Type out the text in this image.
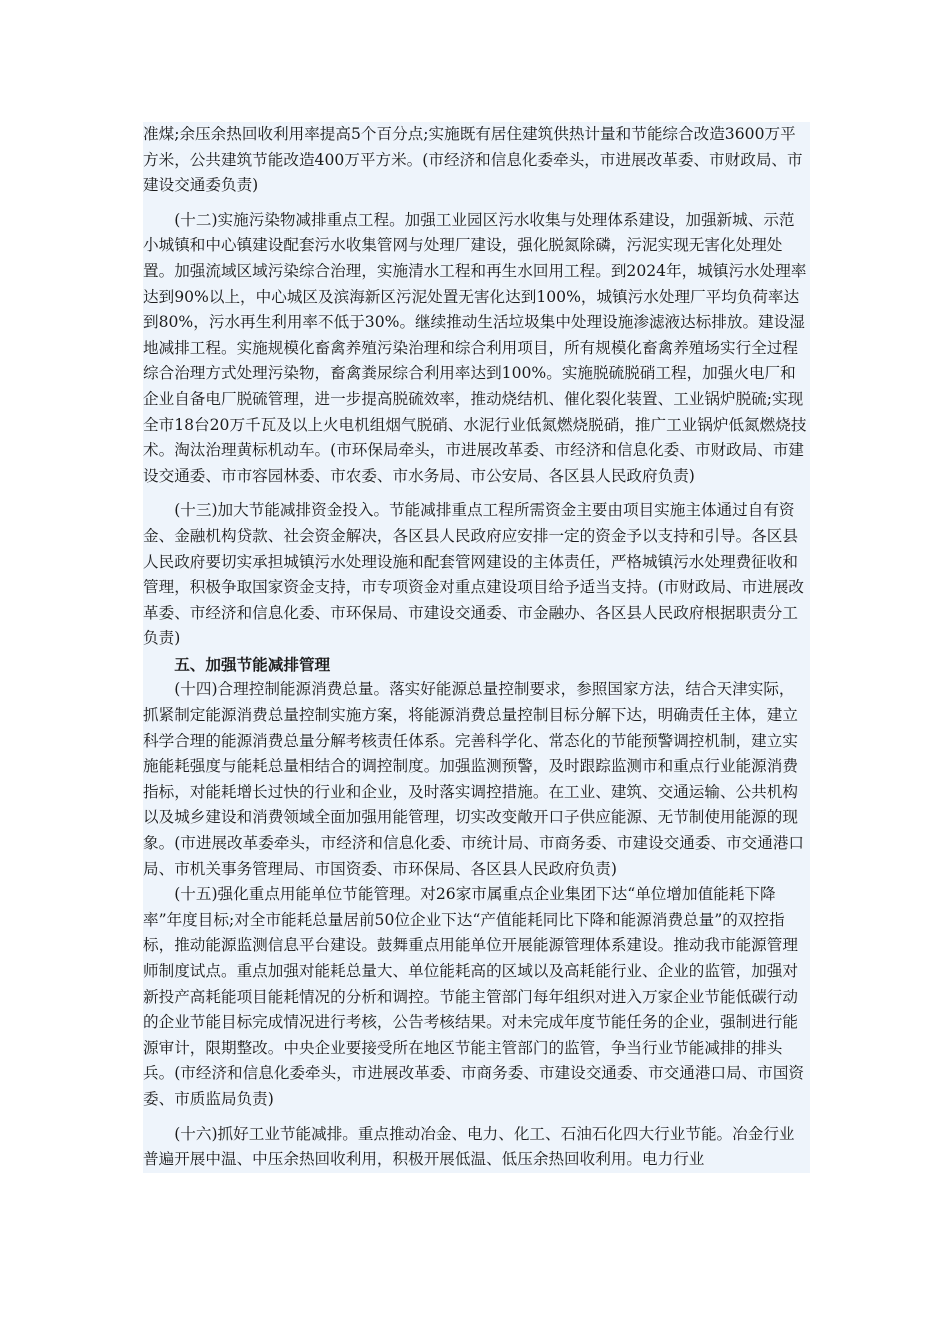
准煤;余压余热回收利用率提高5个百分点;实施既有居住建筑供热计量和节能综合改造3600万平方米，公共建筑节能改造400万平方米。(市经济和信息化委牵头，市进展改革委、市财政局、市建设交通委负责)

(十二)实施污染物减排重点工程。加强工业园区污水收集与处理体系建设，加强新城、示范小城镇和中心镇建设配套污水收集管网与处理厂建设，强化脱氮除磷，污泥实现无害化处理处置。加强流域区域污染综合治理，实施清水工程和再生水回用工程。到2024年，城镇污水处理率达到90%以上，中心城区及滨海新区污泥处置无害化达到100%，城镇污水处理厂平均负荷率达到80%，污水再生利用率不低于30%。继续推动生活垃圾集中处理设施渗滤液达标排放。建设湿地减排工程。实施规模化畜禽养殖污染治理和综合利用项目，所有规模化畜禽养殖场实行全过程综合治理方式处理污染物，畜禽粪尿综合利用率达到100%。实施脱硫脱硝工程，加强火电厂和企业自备电厂脱硫管理，进一步提高脱硫效率，推动烧结机、催化裂化装置、工业锅炉脱硫;实现全市18台20万千瓦及以上火电机组烟气脱硝、水泥行业低氮燃烧脱硝，推广工业锅炉低氮燃烧技术。淘汰治理黄标机动车。(市环保局牵头，市进展改革委、市经济和信息化委、市财政局、市建设交通委、市市容园林委、市农委、市水务局、市公安局、各区县人民政府负责)

(十三)加大节能减排资金投入。节能减排重点工程所需资金主要由项目实施主体通过自有资金、金融机构贷款、社会资金解决，各区县人民政府应安排一定的资金予以支持和引导。各区县人民政府要切实承担城镇污水处理设施和配套管网建设的主体责任，严格城镇污水处理费征收和管理，积极争取国家资金支持，市专项资金对重点建设项目给予适当支持。(市财政局、市进展改革委、市经济和信息化委、市环保局、市建设交通委、市金融办、各区县人民政府根据职责分工负责)

五、加强节能减排管理

(十四)合理控制能源消费总量。落实好能源总量控制要求，参照国家方法，结合天津实际，抓紧制定能源消费总量控制实施方案，将能源消费总量控制目标分解下达，明确责任主体，建立科学合理的能源消费总量分解考核责任体系。完善科学化、常态化的节能预警调控机制，建立实施能耗强度与能耗总量相结合的调控制度。加强监测预警，及时跟踪监测市和重点行业能源消费指标，对能耗增长过快的行业和企业，及时落实调控措施。在工业、建筑、交通运输、公共机构以及城乡建设和消费领域全面加强用能管理，切实改变敞开口子供应能源、无节制使用能源的现象。(市进展改革委牵头，市经济和信息化委、市统计局、市商务委、市建设交通委、市交通港口局、市机关事务管理局、市国资委、市环保局、各区县人民政府负责)

(十五)强化重点用能单位节能管理。对26家市属重点企业集团下达“单位增加值能耗下降率”年度目标;对全市能耗总量居前50位企业下达“产值能耗同比下降和能源消费总量”的双控指标，推动能源监测信息平台建设。鼓舞重点用能单位开展能源管理体系建设。推动我市能源管理师制度试点。重点加强对能耗总量大、单位能耗高的区域以及高耗能行业、企业的监管，加强对新投产高耗能项目能耗情况的分析和调控。节能主管部门每年组织对进入万家企业节能低碳行动的企业节能目标完成情况进行考核，公告考核结果。对未完成年度节能任务的企业，强制进行能源审计，限期整改。中央企业要接受所在地区节能主管部门的监管，争当行业节能减排的排头兵。(市经济和信息化委牵头，市进展改革委、市商务委、市建设交通委、市交通港口局、市国资委、市质监局负责)

(十六)抓好工业节能减排。重点推动冶金、电力、化工、石油石化四大行业节能。冶金行业普遍开展中温、中压余热回收利用，积极开展低温、低压余热回收利用。电力行业
